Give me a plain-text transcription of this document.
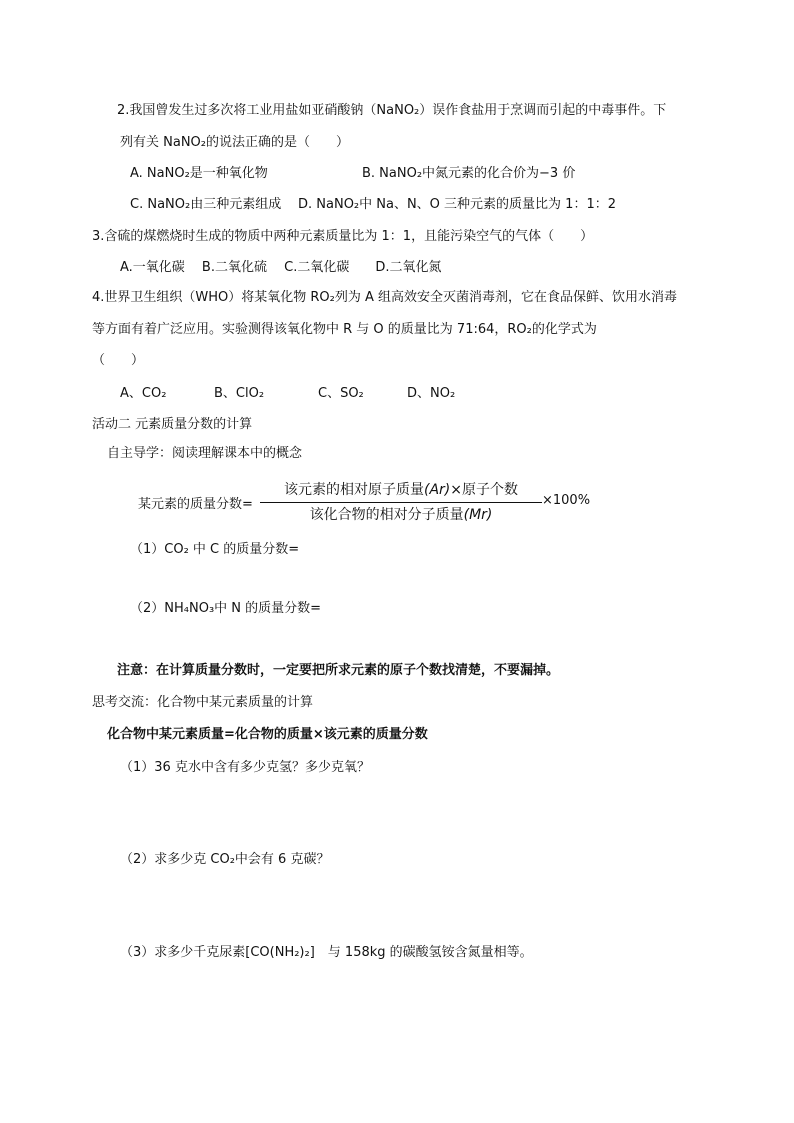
2.我国曾发生过多次将工业用盐如亚硝酸钠（NaNO₂）误作食盐用于烹调而引起的中毒事件。下
列有关 NaNO₂的说法正确的是（　　）
A. NaNO₂是一种氧化物	B. NaNO₂中氮元素的化合价为−3 价
C. NaNO₂由三种元素组成 D. NaNO₂中 Na、N、O 三种元素的质量比为 1：1：2
3.含硫的煤燃烧时生成的物质中两种元素质量比为 1：1，且能污染空气的气体（　　）
A.一氧化碳　 B.二氧化硫　 C.二氧化碳　　D.二氧化氮
4.世界卫生组织（WHO）将某氧化物 RO₂列为 A 组高效安全灭菌消毒剂，它在食品保鲜、饮用水消毒
等方面有着广泛应用。实验测得该氧化物中 R 与 O 的质量比为 71:64，RO₂的化学式为
（　　）
A、CO₂	B、ClO₂	C、SO₂	D、NO₂
活动二 元素质量分数的计算
自主导学：阅读理解课本中的概念
某元素的质量分数=
该元素的相对原子质量(Ar)×原子个数
该化合物的相对分子质量(Mr)
×100%
（1）CO₂ 中 C 的质量分数=
（2）NH₄NO₃中 N 的质量分数=
注意：在计算质量分数时，一定要把所求元素的原子个数找清楚，不要漏掉。
思考交流：化合物中某元素质量的计算
化合物中某元素质量=化合物的质量×该元素的质量分数
（1）36 克水中含有多少克氢？多少克氧？
（2）求多少克 CO₂中会有 6 克碳？
（3）求多少千克尿素[CO(NH₂)₂]　与 158kg 的碳酸氢铵含氮量相等。
